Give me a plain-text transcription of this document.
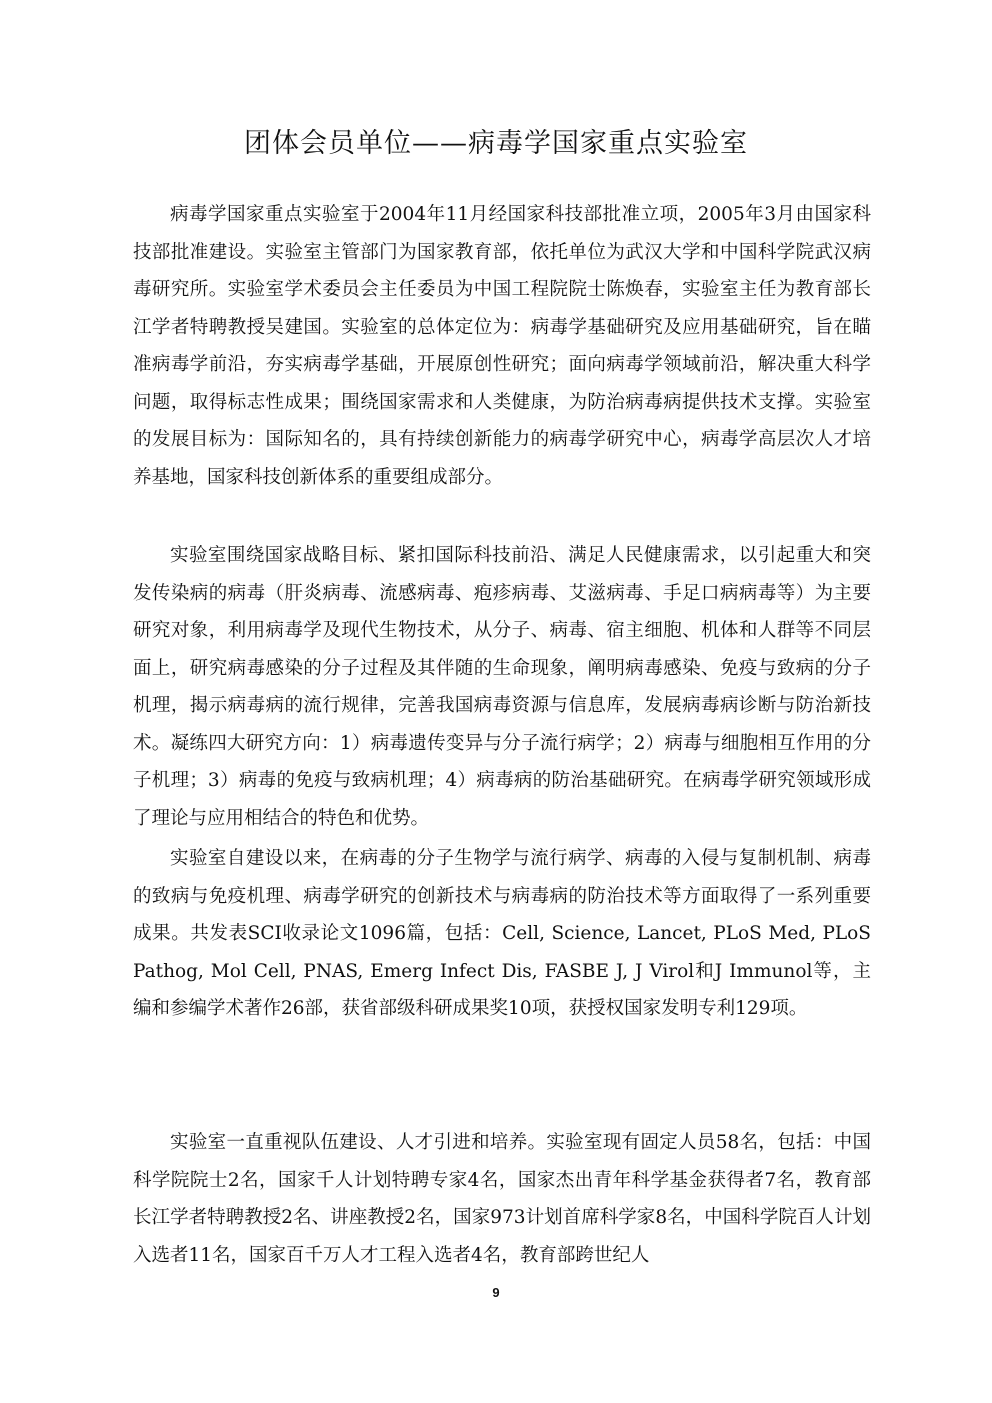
团体会员单位——病毒学国家重点实验室

病毒学国家重点实验室于2004年11月经国家科技部批准立项，2005年3月由国家科技部批准建设。实验室主管部门为国家教育部，依托单位为武汉大学和中国科学院武汉病毒研究所。实验室学术委员会主任委员为中国工程院院士陈焕春，实验室主任为教育部长江学者特聘教授吴建国。实验室的总体定位为：病毒学基础研究及应用基础研究，旨在瞄准病毒学前沿，夯实病毒学基础，开展原创性研究；面向病毒学领域前沿，解决重大科学问题，取得标志性成果；围绕国家需求和人类健康，为防治病毒病提供技术支撑。实验室的发展目标为：国际知名的，具有持续创新能力的病毒学研究中心，病毒学高层次人才培养基地，国家科技创新体系的重要组成部分。

实验室围绕国家战略目标、紧扣国际科技前沿、满足人民健康需求，以引起重大和突发传染病的病毒（肝炎病毒、流感病毒、疱疹病毒、艾滋病毒、手足口病病毒等）为主要研究对象，利用病毒学及现代生物技术，从分子、病毒、宿主细胞、机体和人群等不同层面上，研究病毒感染的分子过程及其伴随的生命现象，阐明病毒感染、免疫与致病的分子机理，揭示病毒病的流行规律，完善我国病毒资源与信息库，发展病毒病诊断与防治新技术。凝练四大研究方向：1）病毒遗传变异与分子流行病学；2）病毒与细胞相互作用的分子机理；3）病毒的免疫与致病机理；4）病毒病的防治基础研究。在病毒学研究领域形成了理论与应用相结合的特色和优势。

实验室自建设以来，在病毒的分子生物学与流行病学、病毒的入侵与复制机制、病毒的致病与免疫机理、病毒学研究的创新技术与病毒病的防治技术等方面取得了一系列重要成果。共发表SCI收录论文1096篇，包括：Cell, Science, Lancet, PLoS Med, PLoS Pathog, Mol Cell, PNAS, Emerg Infect Dis, FASBE J, J Virol和J Immunol等，主编和参编学术著作26部，获省部级科研成果奖10项，获授权国家发明专利129项。

实验室一直重视队伍建设、人才引进和培养。实验室现有固定人员58名，包括：中国科学院院士2名，国家千人计划特聘专家4名，国家杰出青年科学基金获得者7名，教育部长江学者特聘教授2名、讲座教授2名，国家973计划首席科学家8名，中国科学院百人计划入选者11名，国家百千万人才工程入选者4名，教育部跨世纪人

9
